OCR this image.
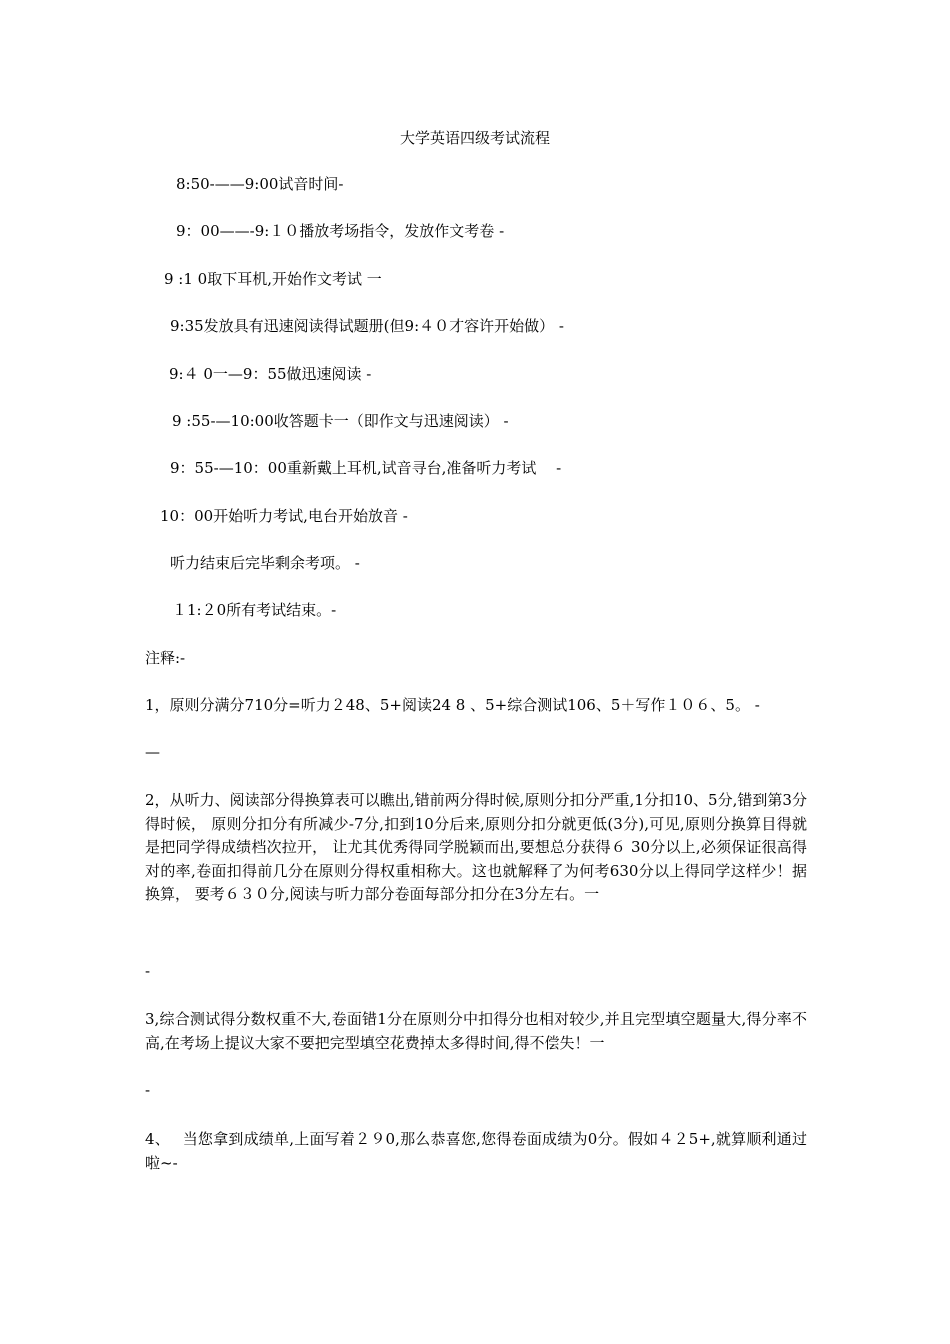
大学英语四级考试流程
8:50-——9:00试音时间-
9：00——-9:１０播放考场指令，发放作文考卷 -
9 :1 0取下耳机,开始作文考试 一
9:35发放具有迅速阅读得试题册(但9:４０才容许开始做） -
9:４ 0一—9：55做迅速阅读 -
9 :55-—10:00收答题卡一（即作文与迅速阅读） -
9：55-—10：00重新戴上耳机,试音寻台,准备听力考试　 -
10：00开始听力考试,电台开始放音 -
听力结束后完毕剩余考项。 -
１1:２0所有考试结束。-
注释:-
1，原则分满分710分=听力２48、5+阅读24 8 、5+综合测试106、5＋写作１０６、5。 -
—
2，从听力、阅读部分得换算表可以瞧出,错前两分得时候,原则分扣分严重,1分扣10、5分,错到第3分得时候， 原则分扣分有所减少-7分,扣到10分后来,原则分扣分就更低(3分),可见,原则分换算目得就是把同学得成绩档次拉开， 让尤其优秀得同学脱颖而出,要想总分获得６ 30分以上,必须保证很高得对的率,卷面扣得前几分在原则分得权重相称大。这也就解释了为何考630分以上得同学这样少！据换算， 要考６３０分,阅读与听力部分卷面每部分扣分在3分左右。一
-
3,综合测试得分数权重不大,卷面错1分在原则分中扣得分也相对较少,并且完型填空题量大,得分率不高,在考场上提议大家不要把完型填空花费掉太多得时间,得不偿失！一
-
4、　 当您拿到成绩单,上面写着２９0,那么恭喜您,您得卷面成绩为0分。假如４２5+,就算顺利通过啦~-
